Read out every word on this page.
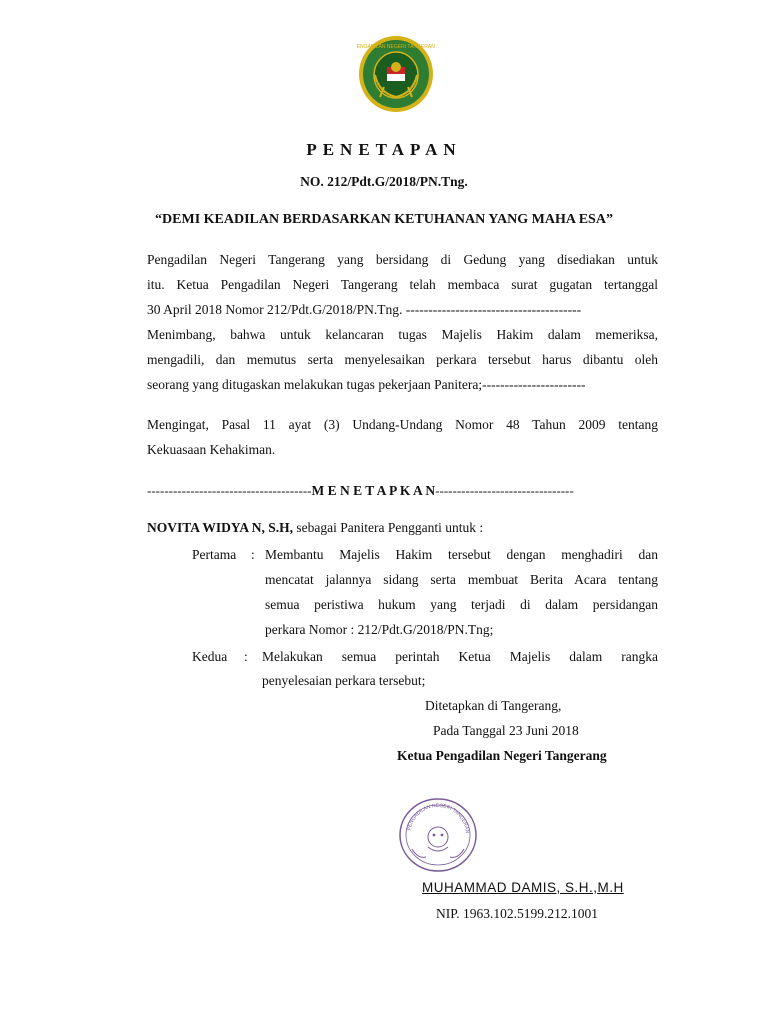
PENGADILAN NEGERI TANGERANG
PENETAPAN
NO. 212/Pdt.G/2018/PN.Tng.
“DEMI KEADILAN BERDASARKAN KETUHANAN YANG MAHA ESA”
Pengadilan Negeri Tangerang yang bersidang di Gedung yang disediakan untuk
itu. Ketua Pengadilan Negeri Tangerang telah membaca surat gugatan tertanggal
30 April 2018 Nomor 212/Pdt.G/2018/PN.Tng. ---------------------------------------
Menimbang, bahwa untuk kelancaran tugas Majelis Hakim dalam memeriksa,
mengadili, dan memutus serta menyelesaikan perkara tersebut harus dibantu oleh
seorang yang ditugaskan melakukan tugas pekerjaan Panitera;-----------------------
Mengingat, Pasal 11 ayat (3) Undang-Undang Nomor 48 Tahun 2009 tentang
Kekuasaan Kehakiman.
--------------------------------------M E N E T A P K A N--------------------------------
NOVITA WIDYA N, S.H, sebagai Panitera Pengganti untuk :
Pertama : Membantu Majelis Hakim tersebut dengan menghadiri dan
mencatat jalannya sidang serta membuat Berita Acara tentang
semua peristiwa hukum yang terjadi di dalam persidangan
perkara Nomor : 212/Pdt.G/2018/PN.Tng;
Kedua : Melakukan semua perintah Ketua Majelis dalam rangka
penyelesaian perkara tersebut;
Ditetapkan di Tangerang,
Pada Tanggal 23 Juni 2018
Ketua Pengadilan Negeri Tangerang
PENGADILAN NEGERI TANGERAN
MUHAMMAD DAMIS, S.H.,M.H
NIP. 1963.102.5199.212.1001
